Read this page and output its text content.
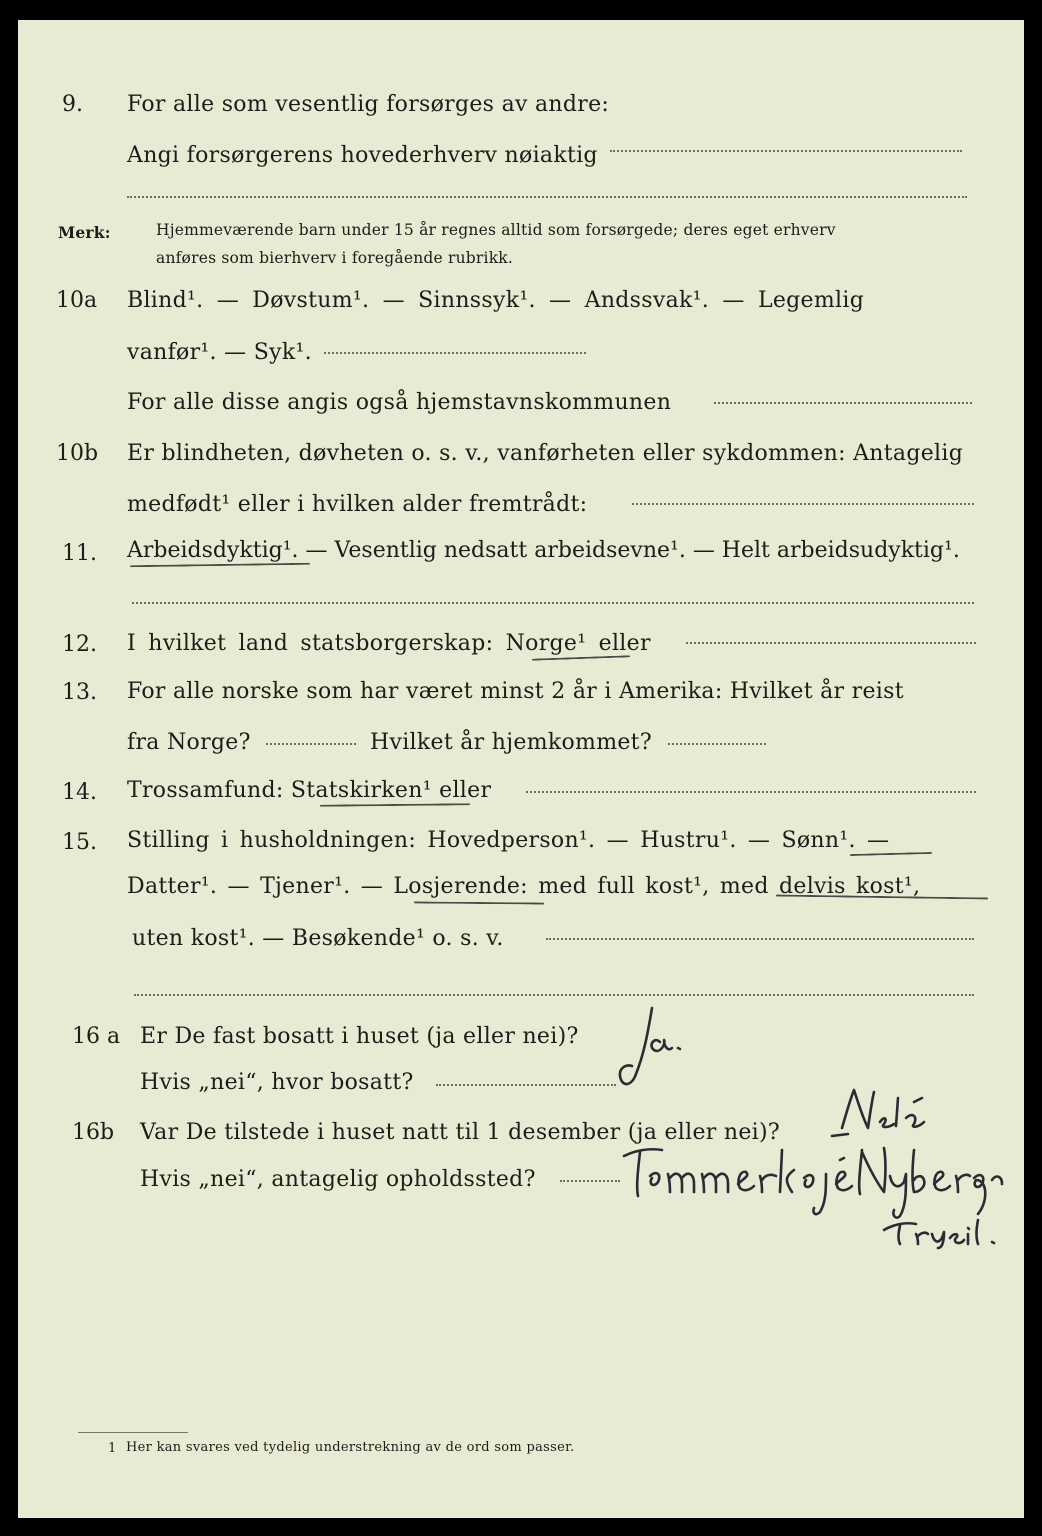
9. For alle som vesentlig forsørges av andre:
Angi forsørgerens hovederhverv nøiaktig
Merk:	Hjemmeværende barn under 15 år regnes alltid som forsørgede; deres eget erhverv
anføres som bierhverv i foregående rubrikk.
10a Blind¹. — Døvstum¹. — Sinnssyk¹. — Andssvak¹. — Legemlig
vanfør¹. — Syk¹.
For alle disse angis også hjemstavnskommunen
10b Er blindheten, døvheten o. s. v., vanførheten eller sykdommen: Antagelig
medfødt¹ eller i hvilken alder fremtrådt:
11. Arbeidsdyktig¹. — Vesentlig nedsatt arbeidsevne¹. — Helt arbeidsudyktig¹.
12. I hvilket land statsborgerskap: Norge¹ eller
13. For alle norske som har været minst 2 år i Amerika: Hvilket år reist
fra Norge?	Hvilket år hjemkommet?
14. Trossamfund: Statskirken¹ eller
15. Stilling i husholdningen: Hovedperson¹. — Hustru¹. — Sønn¹. —
Datter¹. — Tjener¹. — Losjerende: med full kost¹, med delvis kost¹,
uten kost¹. — Besøkende¹ o. s. v.
16 a Er De fast bosatt i huset (ja eller nei)?
Hvis „nei“, hvor bosatt?
16b Var De tilstede i huset natt til 1 desember (ja eller nei)?
Hvis „nei“, antagelig opholdssted?
1 Her kan svares ved tydelig understrekning av de ord som passer.
